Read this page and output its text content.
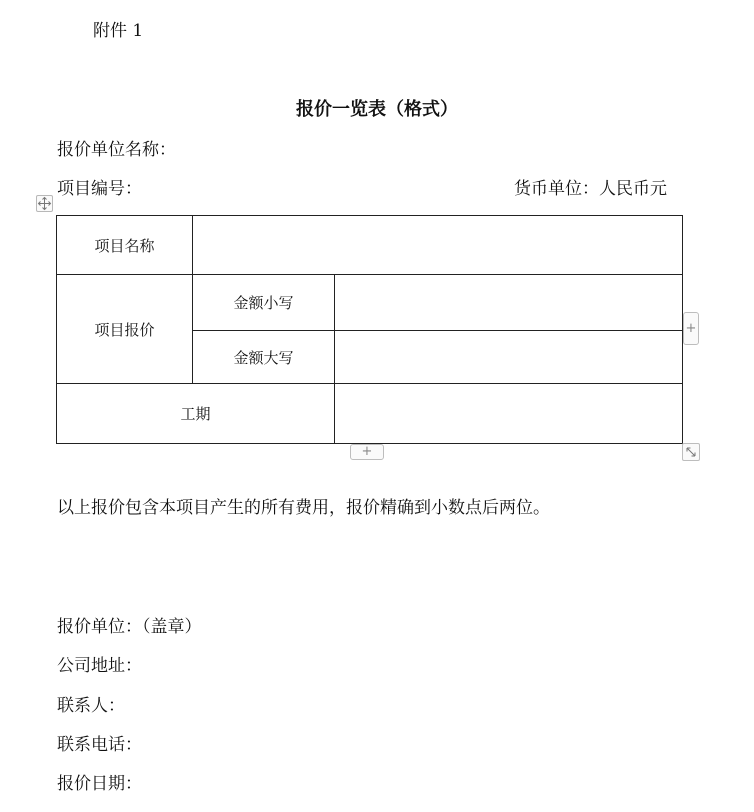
附件 1
报价一览表（格式）
报价单位名称：
项目编号：	货币单位：人民币元
项目名称		
项目报价	金额小写	
	金额大写	
工期		
+
+
以上报价包含本项目产生的所有费用，报价精确到小数点后两位。
报价单位：（盖章）
公司地址：
联系人：
联系电话：
报价日期：
